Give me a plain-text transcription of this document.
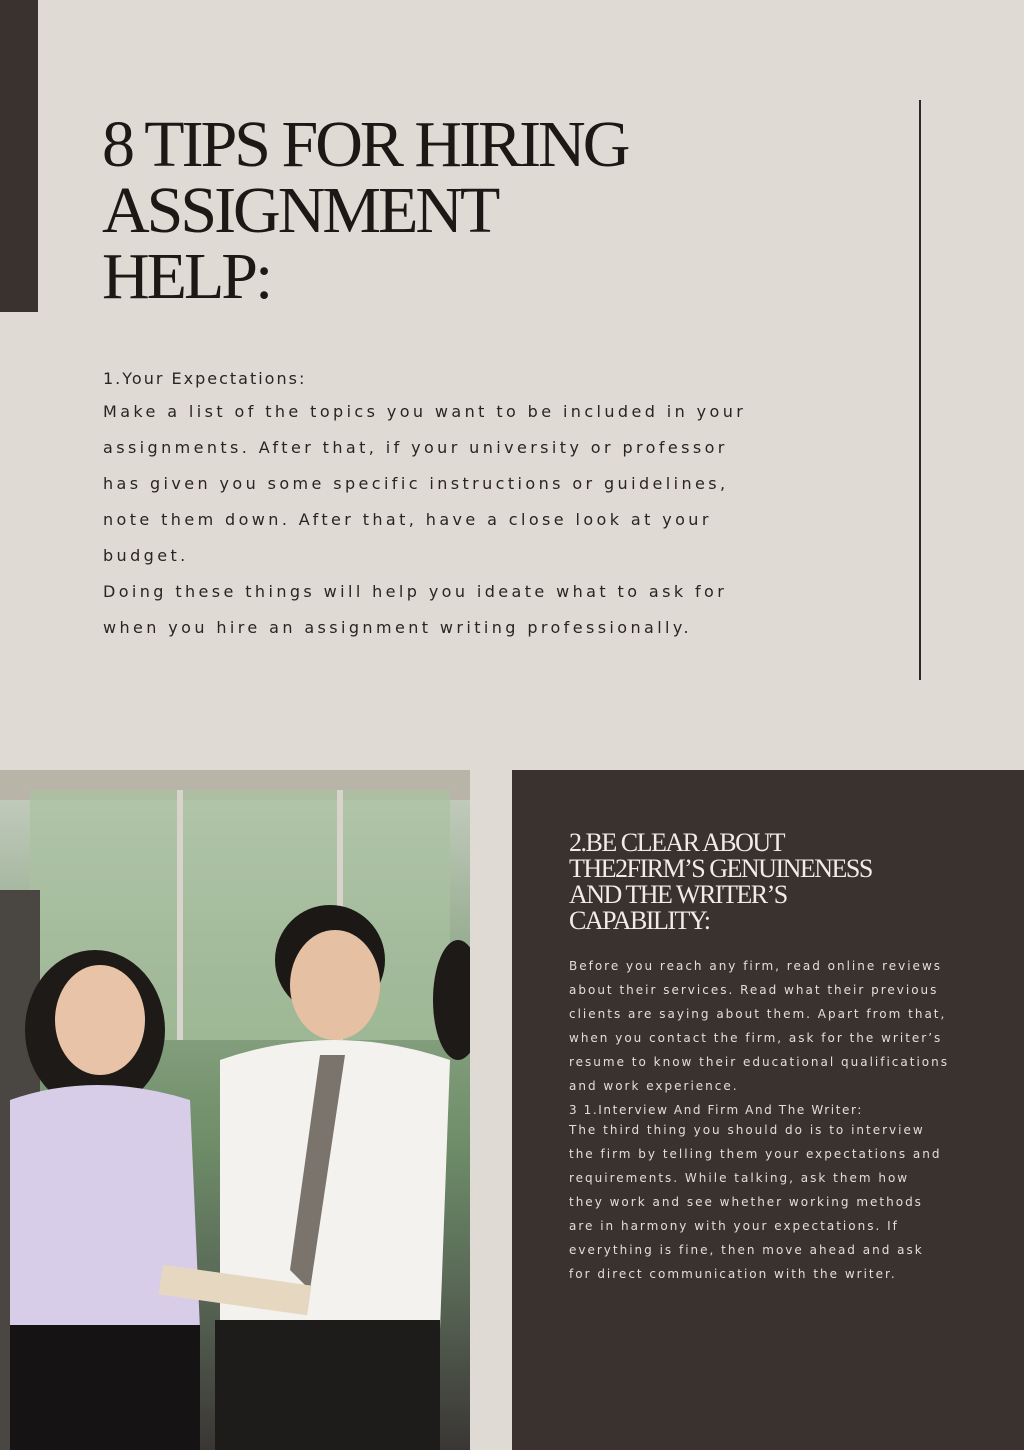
8 TIPS FOR HIRING
ASSIGNMENT
HELP:
1.Your Expectations:

Make a list of the topics you want to be included in your assignments. After that, if your university or professor has given you some specific instructions or guidelines, note them down. After that, have a close look at your budget.

Doing these things will help you ideate what to ask for when you hire an assignment writing professionally.

2.BE CLEAR ABOUT
THE2FIRM’S GENUINENESS
AND THE WRITER’S
CAPABILITY:

Before you reach any firm, read online reviews about their services. Read what their previous clients are saying about them. Apart from that, when you contact the firm, ask for the writer’s resume to know their educational qualifications and work experience.

3 1.Interview And Firm And The Writer:

The third thing you should do is to interview the firm by telling them your expectations and requirements. While talking, ask them how they work and see whether working methods are in harmony with your expectations. If everything is fine, then move ahead and ask for direct communication with the writer.
